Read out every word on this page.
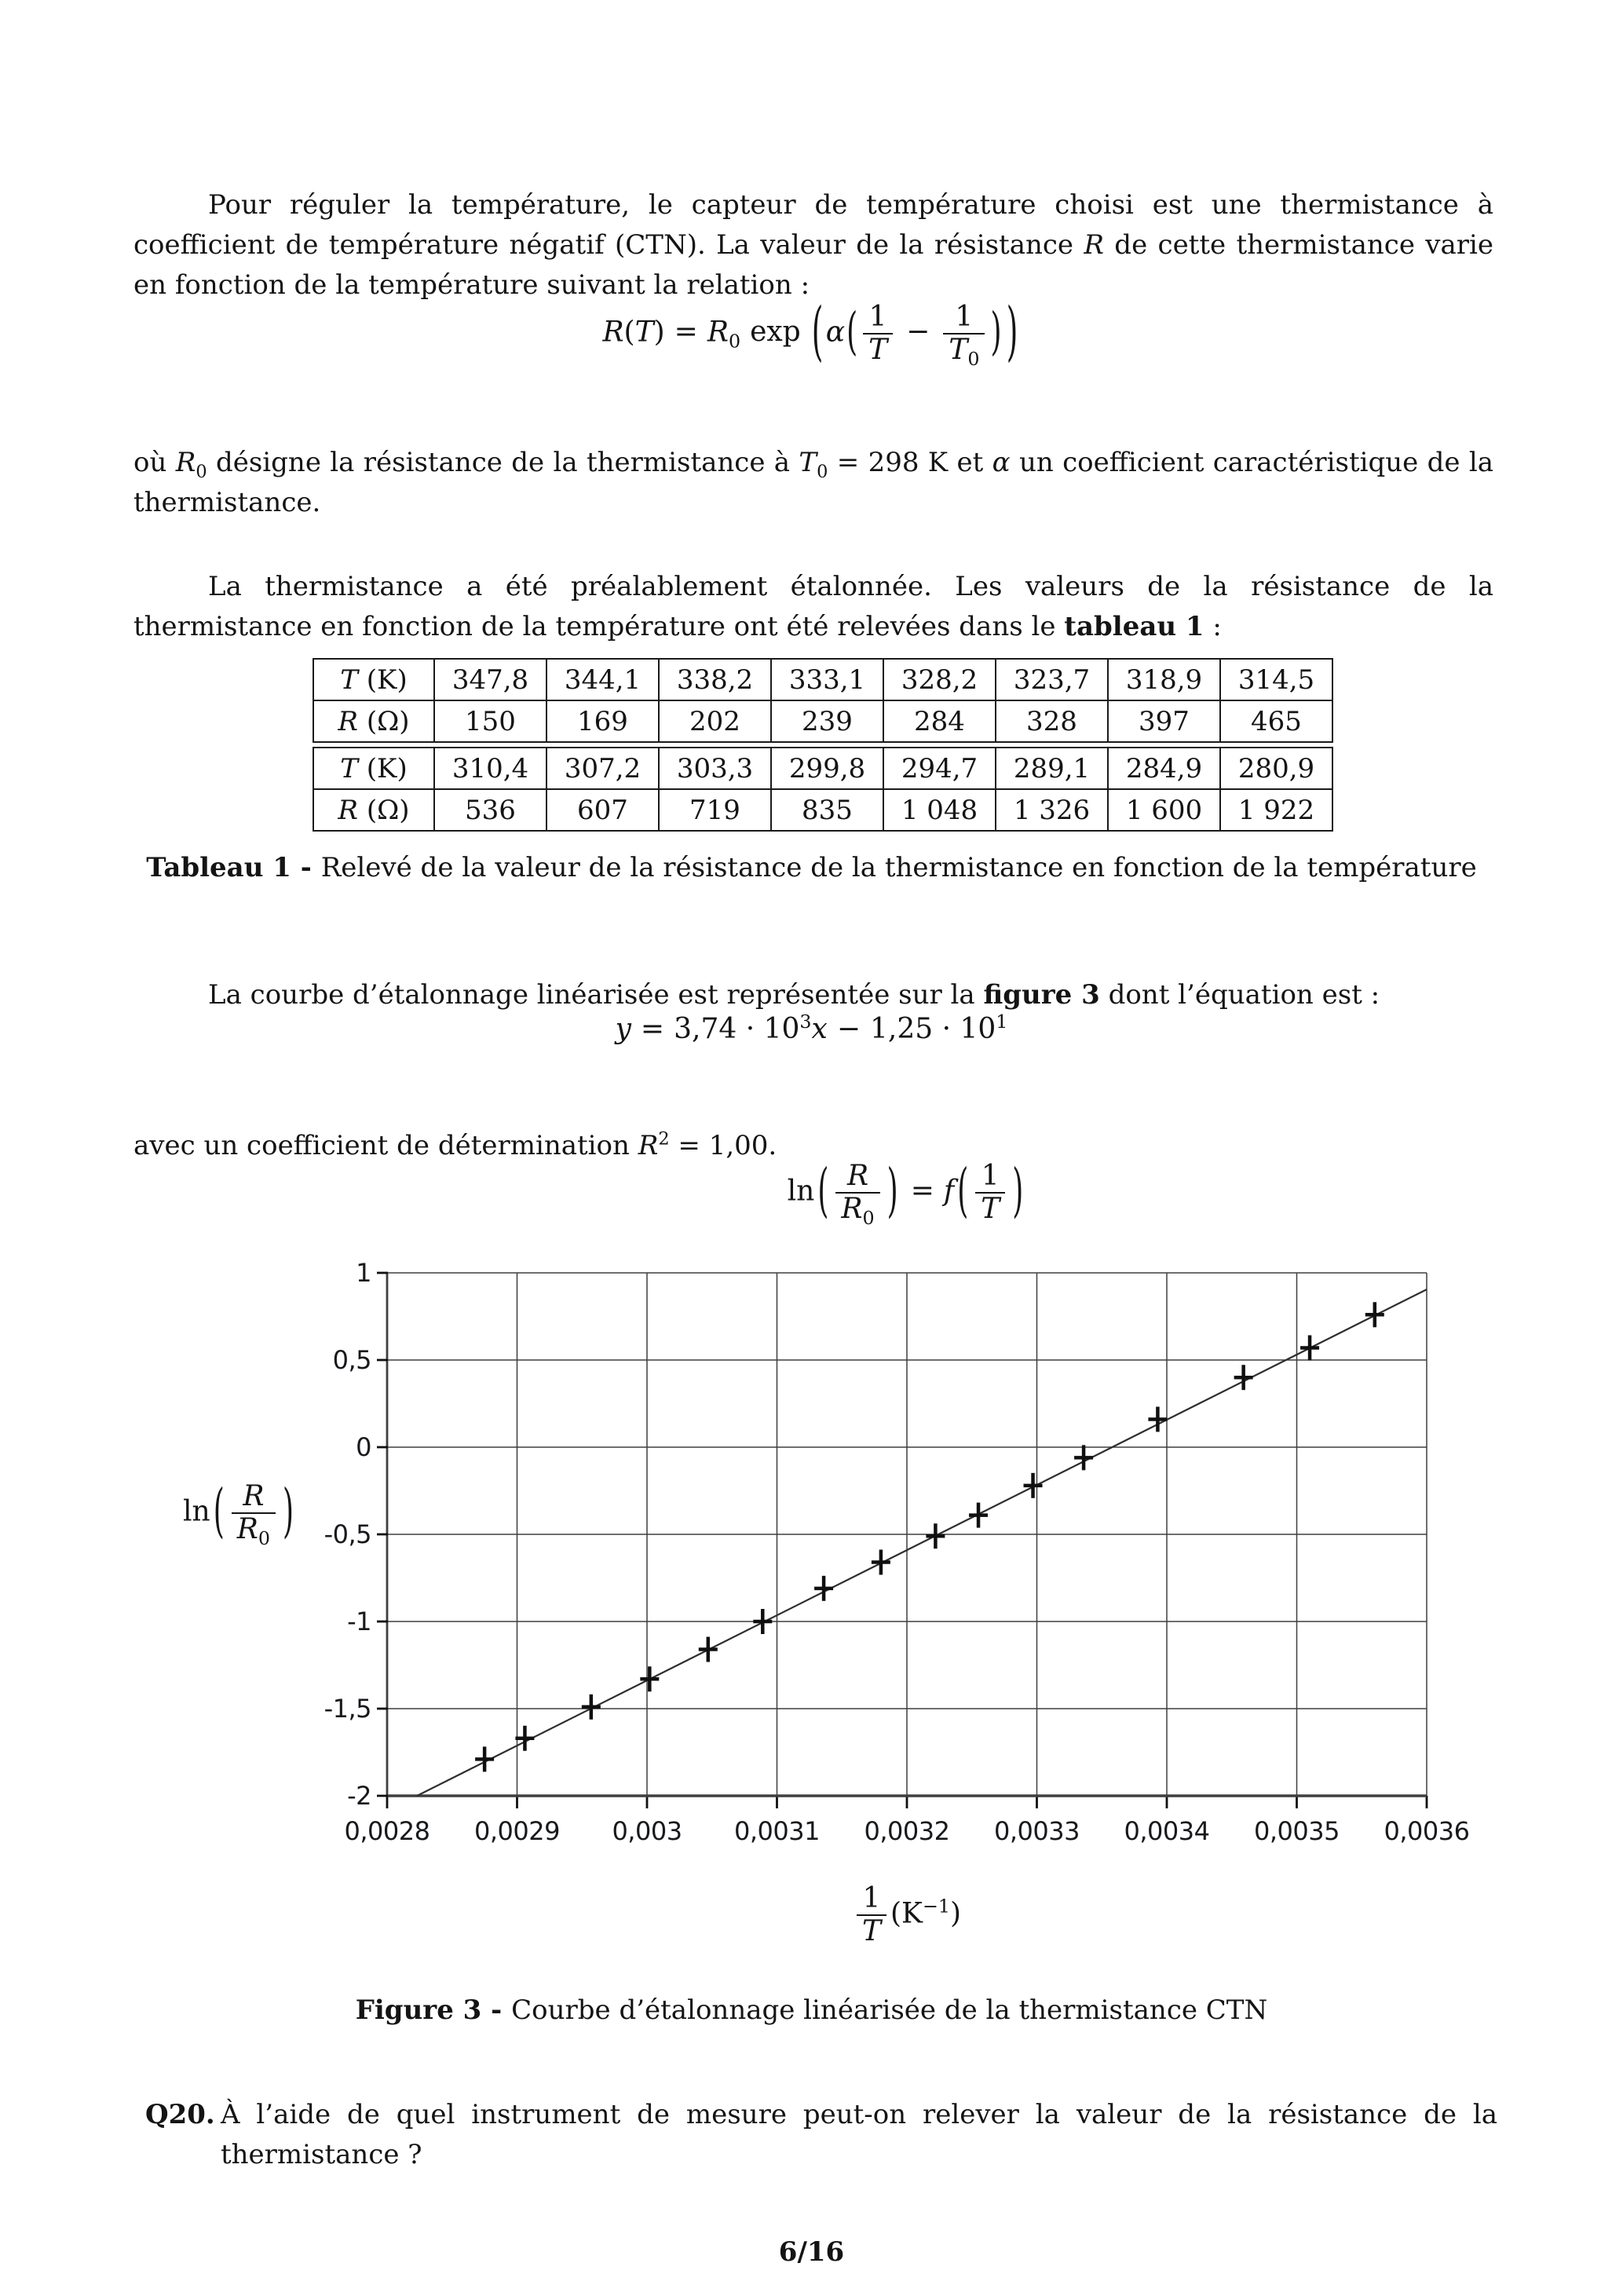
Pour réguler la température, le capteur de température choisi est une thermistance à coefficient de température négatif (CTN). La valeur de la résistance R de cette thermistance varie en fonction de la température suivant la relation :

$R(T) = R_0$ exp ( $\alpha( \frac{1}{T} - \frac{1}{T_0}$ ) )

où $R_0$ désigne la résistance de la thermistance à $T_0 = 298$ K et α un coefficient caractéristique de la thermistance.

La thermistance a été préalablement étalonnée. Les valeurs de la résistance de la thermistance en fonction de la température ont été relevées dans le tableau 1 :

T (K)	347,8	344,1	338,2	333,1	328,2	323,7	318,9	314,5
R (Ω)	150	169	202	239	284	328	397	465
T (K)	310,4	307,2	303,3	299,8	294,7	289,1	284,9	280,9
R (Ω)	536	607	719	835	1 048	1 326	1 600	1 922
Tableau 1 - Relevé de la valeur de la résistance de la thermistance en fonction de la température

La courbe d’étalonnage linéarisée est représentée sur la figure 3 dont l’équation est :

$y = 3,74 \cdot 10^3x - 1,25 \cdot 10^1$

avec un coefficient de détermination $R^2 = 1,00$.

ln ( $\frac{R}{R_0}$ ) = f ( $\frac{1}{T}$ )
ln ( $\frac{R}{R_0}$ )
0,0028 0,0029 0,003 0,0031 0,0032 0,0033 0,0034 0,0035 0,0036
1
0,5
0
-0,5
-1
-1,5
-2
$\frac{1}{T} (K^{-1})$
Figure 3 - Courbe d’étalonnage linéarisée de la thermistance CTN
Q20. À l’aide de quel instrument de mesure peut-on relever la valeur de la résistance de la thermistance ?
6/16
